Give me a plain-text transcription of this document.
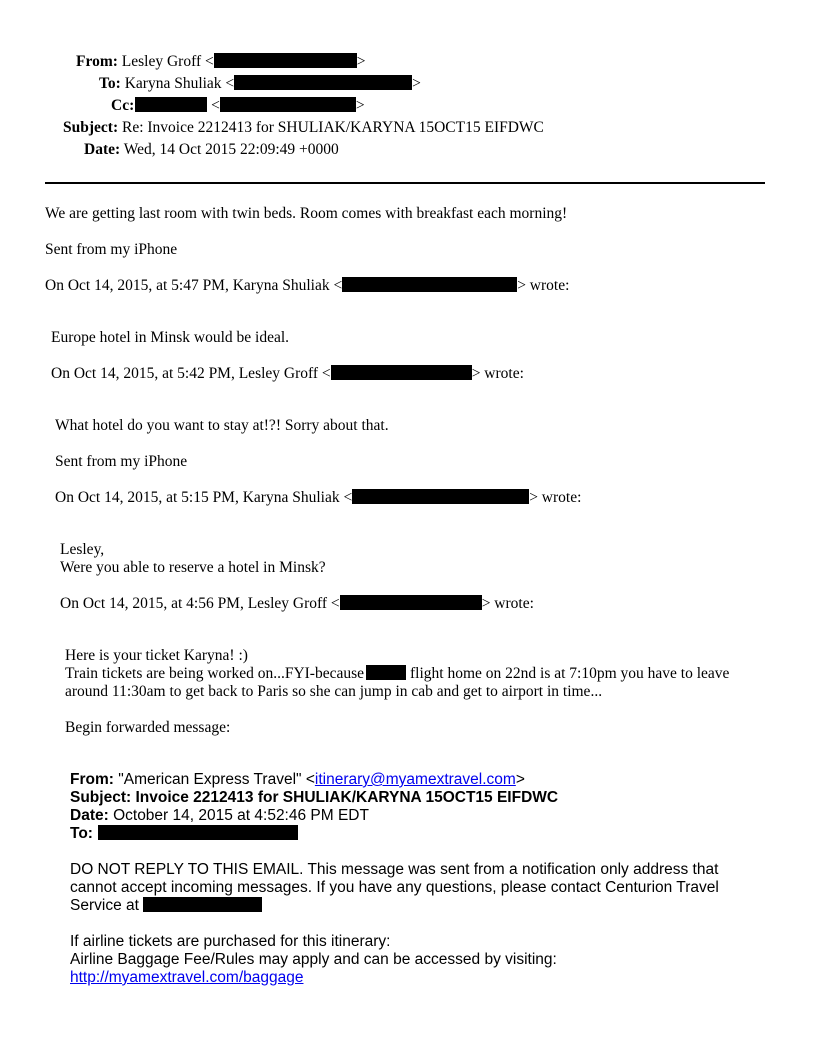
From: Lesley Groff <	>
To: Karyna Shuliak <	>
Cc:	<	>
Subject: Re: Invoice 2212413 for SHULIAK/KARYNA 15OCT15 EIFDWC
Date: Wed, 14 Oct 2015 22:09:49 +0000
We are getting last room with twin beds. Room comes with breakfast each morning!
Sent from my iPhone
On Oct 14, 2015, at 5:47 PM, Karyna Shuliak <	> wrote:
Europe hotel in Minsk would be ideal.
On Oct 14, 2015, at 5:42 PM, Lesley Groff <	> wrote:
What hotel do you want to stay at!?! Sorry about that.
Sent from my iPhone
On Oct 14, 2015, at 5:15 PM, Karyna Shuliak <	> wrote:
Lesley,
Were you able to reserve a hotel in Minsk?
On Oct 14, 2015, at 4:56 PM, Lesley Groff <	> wrote:
Here is your ticket Karyna! :)
Train tickets are being worked on...FYI-because	flight home on 22nd is at 7:10pm you have to leave
around 11:30am to get back to Paris so she can jump in cab and get to airport in time...
Begin forwarded message:
From: "American Express Travel" <itinerary@myamextravel.com>
Subject: Invoice 2212413 for SHULIAK/KARYNA 15OCT15 EIFDWC
Date: October 14, 2015 at 4:52:46 PM EDT
To:
DO NOT REPLY TO THIS EMAIL. This message was sent from a notification only address that
cannot accept incoming messages. If you have any questions, please contact Centurion Travel
Service at
If airline tickets are purchased for this itinerary:
Airline Baggage Fee/Rules may apply and can be accessed by visiting:
http://myamextravel.com/baggage
